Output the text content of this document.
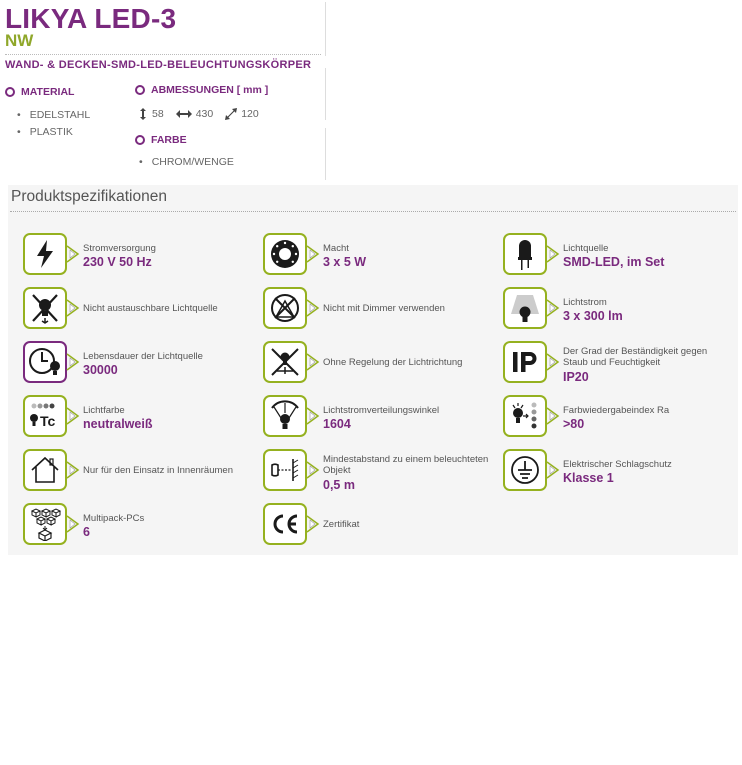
LIKYA LED-3
NW
WAND- & DECKEN-SMD-LED-BELEUCHTUNGSKÖRPER
MATERIAL
• EDELSTAHL
• PLASTIK
ABMESSUNGEN [ mm ]
58	430	120
FARBE
• CHROM/WENGE
Produktspezifikationen
Stromversorgung
230 V 50 Hz
Macht
3 x 5 W
Lichtquelle
SMD-LED, im Set
Nicht austauschbare Lichtquelle	Nicht mit Dimmer verwenden
Lichtstrom
3 x 300 lm
Lebensdauer der Lichtquelle
30000
Ohne Regelung der Lichtrichtung
Der Grad der Beständigkeit gegen Staub und Feuchtigkeit
IP20
Tc
Lichtfarbe
neutralweiß
Lichtstromverteilungswinkel
1604
Farbwiedergabeindex Ra
>80
Nur für den Einsatz in Innenräumen
Mindestabstand zu einem beleuchteten Objekt
0,5 m
Elektrischer Schlagschutz
Klasse 1
Multipack-PCs
6
Zertifikat
